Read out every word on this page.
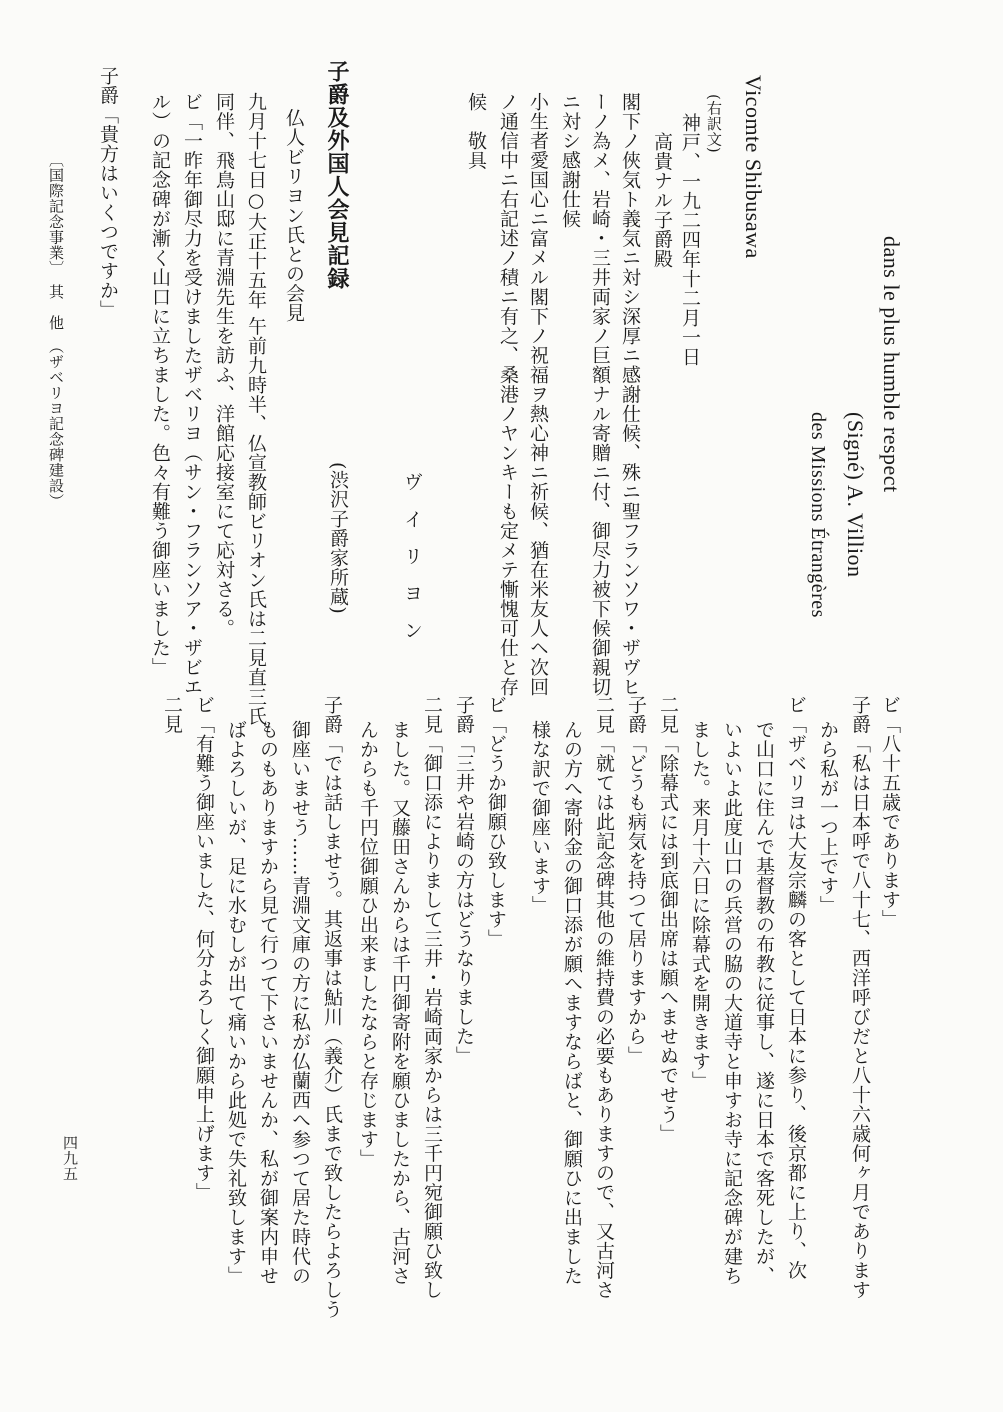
dans le plus humble respect
(Signé) A. Villion
des Missions Étrangères
Vicomte Shibusawa
(右訳文)
神戸、一九二四年十二月一日
高貴ナル子爵殿
閣下ノ俠気ト義気ニ対シ深厚ニ感謝仕候、殊ニ聖フランソワ・ザヴヒ
ーノ為メ、岩崎・三井両家ノ巨額ナル寄贈ニ付、御尽力被下候御親切
ニ対シ感謝仕候
小生者愛国心ニ富メル閣下ノ祝福ヲ熱心神ニ祈候、猶在米友人ヘ次回
ノ通信中ニ右記述ノ積ニ有之、桑港ノヤンキーも定メテ慚愧可仕と存
候　敬具
ヴ イ リ ヨ ン
子爵及外国人会見記録
(渋沢子爵家所蔵)
仏人ビリヨン氏との会見
九月十七日○大正十五年 午前九時半、仏宣教師ビリオン氏は二見直三氏
同伴、飛鳥山邸に青淵先生を訪ふ、洋館応接室にて応対さる。
ビ「一昨年御尽力を受けましたザベリヨ（サン・フランソア・ザビエ
ル）の記念碑が漸く山口に立ちました。色々有難う御座いました」
子爵「貴方はいくつですか」
〔国際記念事業〕　其　他　（ザベリヨ記念碑建設）
ビ「八十五歳であります」
子爵「私は日本呼で八十七、西洋呼びだと八十六歳何ヶ月であります
から私が一つ上です」
ビ「ザベリヨは大友宗麟の客として日本に参り、後京都に上り、次
で山口に住んで基督教の布教に従事し、遂に日本で客死したが、
いよいよ此度山口の兵営の脇の大道寺と申すお寺に記念碑が建ち
ました。来月十六日に除幕式を開きます」
二見「除幕式には到底御出席は願へませぬでせう」
子爵「どうも病気を持つて居りますから」
二見「就ては此記念碑其他の維持費の必要もありますので、又古河さ
んの方へ寄附金の御口添が願へますならばと、御願ひに出ました
様な訳で御座います」
ビ「どうか御願ひ致します」
子爵「三井や岩崎の方はどうなりました」
二見「御口添によりまして三井・岩崎両家からは三千円宛御願ひ致し
ました。又藤田さんからは千円御寄附を願ひましたから、古河さ
んからも千円位御願ひ出来ましたならと存じます」
子爵「では話しませう。其返事は鮎川（義介）氏まで致したらよろしう
御座いませう……青淵文庫の方に私が仏蘭西へ参つて居た時代の
ものもありますから見て行つて下さいませんか、私が御案内申せ
ばよろしいが、足に水むしが出て痛いから此処で失礼致します」
ビ「有難う御座いました、何分よろしく御願申上げます」
二見
四九五
